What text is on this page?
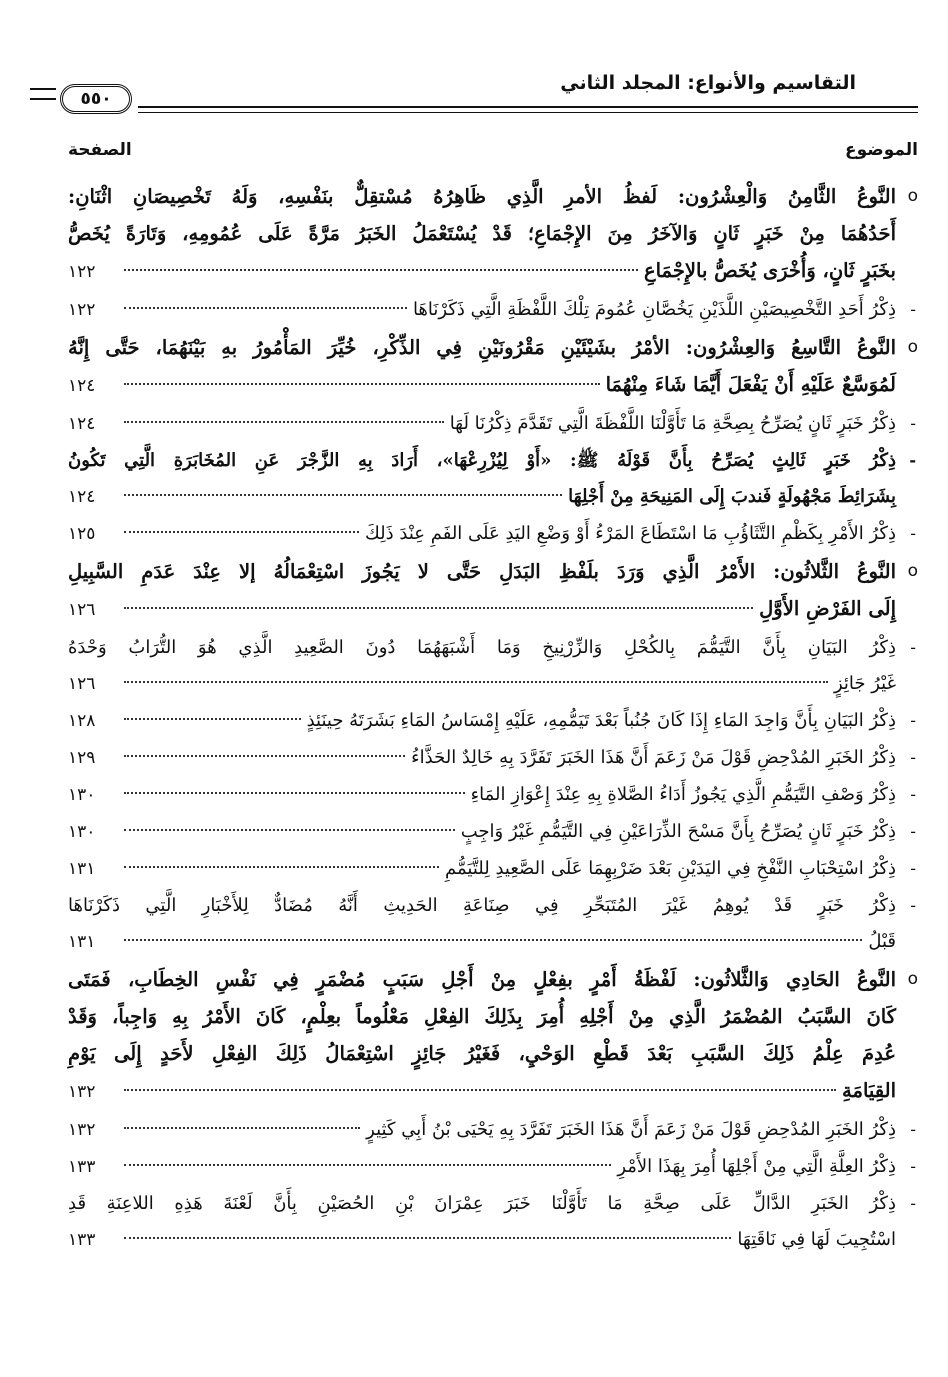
التقاسيم والأنواع: المجلد الثاني
٥٥٠
الموضوع
الصفحة
o
النَّوعُ الثَّامِنُ وَالْعِشْرُون: لَفظُ الأمرِ الَّذِي ظَاهِرُهُ مُسْتقِلٌّ بنَفْسِهِ، وَلَهُ تَخْصِيصَانِ اثْنَانِ:
أَحَدُهُمَا مِنْ خَبَرٍ ثَانٍ وَالآخَرُ مِنَ الإِجْمَاعِ؛ قَدْ يُسْتَعْمَلُ الخَبَرُ مَرَّةً عَلَى عُمُومِهِ، وَتَارَةً يُخَصُّ
بخَبَرٍ ثَانٍ، وَأُخْرَى يُخَصُّ بالإِجْمَاعِ
١٢٢
-
ذِكْرُ أَحَدِ التَّخْصِيصَيْنِ اللَّذَيْنِ يَخُصَّانِ عُمُومَ تِلْكَ اللَّفْظَةِ الَّتِي ذَكَرْنَاهَا
١٢٢
o
النَّوعُ التَّاسِعُ وَالعِشْرُون: الأمْرُ بشَيْئَيْنِ مَقْرُونَيْنِ فِي الذِّكْرِ، خُيِّرَ المَأْمُورُ بهِ بَيْنَهُمَا، حَتَّى إِنَّهُ
لَمُوَسَّعٌ عَلَيْهِ أَنْ يَفْعَلَ أَيَّمَا شَاءَ مِنْهُمَا
١٢٤
-
ذِكْرُ خَبَرٍ ثَانٍ يُصَرِّحُ بِصِحَّةِ مَا تَأَوَّلْنَا اللَّفْظَةَ الَّتِي تَقَدَّمَ ذِكْرُنَا لَهَا
١٢٤
-
ذِكْرُ خَبَرٍ ثَالِثٍ يُصَرِّحُ بِأَنَّ قَوْلَهُ ﷺ: «أَوْ لِيُزْرِعْهَا»، أَرَادَ بِهِ الزَّجْرَ عَنِ المُخَابَرَةِ الَّتِي تَكُونُ
بِشَرَائِطَ مَجْهُولَةٍ فَندبَ إِلَى المَنِيحَةِ مِنْ أَجْلِهَا
١٢٤
-
ذِكْرُ الأَمْرِ بِكَظْمِ التَّثَاؤُبِ مَا اسْتَطَاعَ المَرْءُ أَوْ وَضْعِ اليَدِ عَلَى الفَمِ عِنْدَ ذَلِكَ
١٢٥
o
النَّوعُ الثَّلاثُون: الأَمْرُ الَّذِي وَرَدَ بلَفْظِ البَدَلِ حَتَّى لا يَجُوزَ اسْتِعْمَالُهُ إلا عِنْدَ عَدَمِ السَّبِيلِ
إِلَى الفَرْضِ الأَوَّلِ
١٢٦
-
ذِكْرُ البَيَانِ بِأَنَّ التَّيَمُّمَ بِالكُحْلِ وَالزِّرْنِيخِ وَمَا أَشْبَهَهُمَا دُونَ الصَّعِيدِ الَّذِي هُوَ التُّرَابُ وَحْدَهُ
غَيْرُ جَائِزٍ
١٢٦
-
ذِكْرُ البَيَانِ بِأَنَّ وَاجِدَ المَاءِ إِذَا كَانَ جُنُباً بَعْدَ تَيَمُّمِهِ، عَلَيْهِ إِمْسَاسُ المَاءِ بَشَرَتَهُ حِينَئِذٍ
١٢٨
-
ذِكْرُ الخَبَرِ المُدْحِضِ قَوْلَ مَنْ زَعَمَ أَنَّ هَذَا الخَبَرَ تَفَرَّدَ بِهِ خَالِدٌ الحَذَّاءُ
١٢٩
-
ذِكْرُ وَصْفِ التَّيَمُّمِ الَّذِي يَجُوزُ أَدَاءُ الصَّلاةِ بِهِ عِنْدَ إِعْوَازِ المَاءِ
١٣٠
-
ذِكْرُ خَبَرٍ ثَانٍ يُصَرِّحُ بِأَنَّ مَسْحَ الذِّرَاعَيْنِ فِي التَّيَمُّمِ غَيْرُ وَاجِبٍ
١٣٠
-
ذِكْرُ اسْتِحْبَابِ النَّفْخِ فِي اليَدَيْنِ بَعْدَ ضَرْبِهِمَا عَلَى الصَّعِيدِ لِلتَّيَمُّمِ
١٣١
-
ذِكْرُ خَبَرٍ قَدْ يُوهِمُ غَيْرَ المُتَبَحِّرِ فِي صِنَاعَةِ الحَدِيثِ أَنَّهُ مُضَادٌّ لِلأَخْبَارِ الَّتِي ذَكَرْنَاهَا
قَبْلُ
١٣١
o
النَّوعُ الحَادِي وَالثَّلاثُون: لَفْظَةُ أَمْرٍ بفِعْلٍ مِنْ أَجْلِ سَبَبٍ مُضْمَرٍ فِي نَفْسِ الخِطَابِ، فَمَتَى
كَانَ السَّبَبُ المُضْمَرُ الَّذِي مِنْ أَجْلِهِ أُمِرَ بِذَلِكَ الفِعْلِ مَعْلُوماً بعِلْمٍ، كَانَ الأَمْرُ بِهِ وَاجِباً، وَقَدْ
عُدِمَ عِلْمُ ذَلِكَ السَّبَبِ بَعْدَ قَطْعِ الوَحْيِ، فَغَيْرُ جَائِزٍ اسْتِعْمَالُ ذَلِكَ الفِعْلِ لأَحَدٍ إِلَى يَوْمِ
القِيَامَةِ
١٣٢
-
ذِكْرُ الخَبَرِ المُدْحِضِ قَوْلَ مَنْ زَعَمَ أَنَّ هَذَا الخَبَرَ تَفَرَّدَ بِهِ يَحْيَى بْنُ أَبِي كَثِيرٍ
١٣٢
-
ذِكْرُ العِلَّةِ الَّتِي مِنْ أَجْلِهَا أُمِرَ بِهَذَا الأَمْرِ
١٣٣
-
ذِكْرُ الخَبَرِ الدَّالِّ عَلَى صِحَّةِ مَا تَأَوَّلْنَا خَبَرَ عِمْرَانَ بْنِ الحُصَيْنِ بِأَنَّ لَعْنَةَ هَذِهِ اللاعِنَةِ قَدِ
اسْتُجِيبَ لَهَا فِي نَاقَتِهَا
١٣٣
